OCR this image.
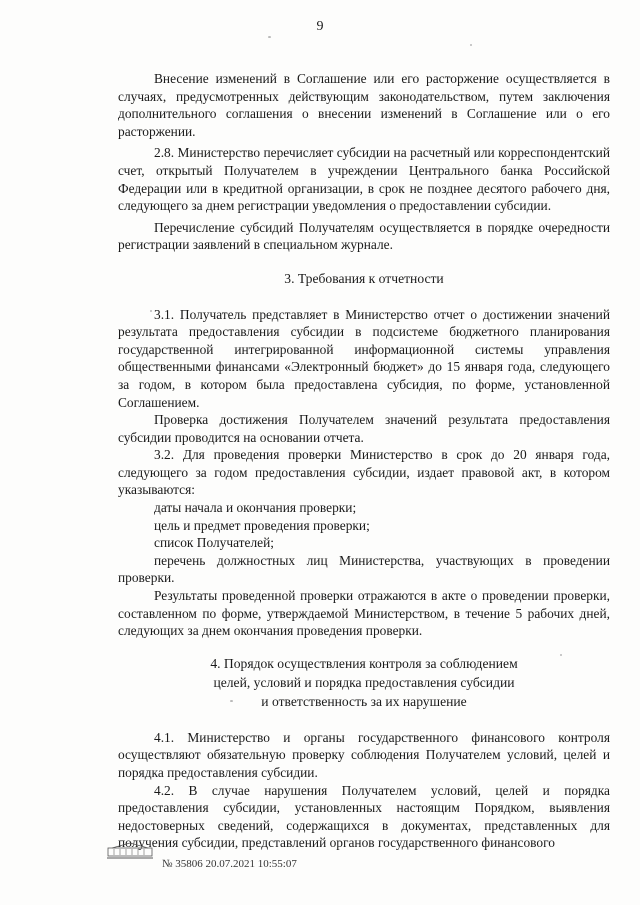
9

Внесение изменений в Соглашение или его расторжение осуществляется в случаях, предусмотренных действующим законодательством, путем заключения дополнительного соглашения о внесении изменений в Соглашение или о его расторжении.

2.8. Министерство перечисляет субсидии на расчетный или корреспондентский счет, открытый Получателем в учреждении Центрального банка Российской Федерации или в кредитной организации, в срок не позднее десятого рабочего дня, следующего за днем регистрации уведомления о предоставлении субсидии.

Перечисление субсидий Получателям осуществляется в порядке очередности регистрации заявлений в специальном журнале.

3. Требования к отчетности

3.1. Получатель представляет в Министерство отчет о достижении значений результата предоставления субсидии в подсистеме бюджетного планирования государственной интегрированной информационной системы управления общественными финансами «Электронный бюджет» до 15 января года, следующего за годом, в котором была предоставлена субсидия, по форме, установленной Соглашением.

Проверка достижения Получателем значений результата предоставления субсидии проводится на основании отчета.

3.2. Для проведения проверки Министерство в срок до 20 января года, следующего за годом предоставления субсидии, издает правовой акт, в котором указываются:

даты начала и окончания проверки;

цель и предмет проведения проверки;

список Получателей;

перечень должностных лиц Министерства, участвующих в проведении проверки.

Результаты проведенной проверки отражаются в акте о проведении проверки, составленном по форме, утверждаемой Министерством, в течение 5 рабочих дней, следующих за днем окончания проведения проверки.

4. Порядок осуществления контроля за соблюдением
целей, условий и порядка предоставления субсидии
и ответственность за их нарушение

4.1. Министерство и органы государственного финансового контроля осуществляют обязательную проверку соблюдения Получателем условий, целей и порядка предоставления субсидии.

4.2. В случае нарушения Получателем условий, целей и порядка предоставления субсидии, установленных настоящим Порядком, выявления недостоверных сведений, содержащихся в документах, представленных для получения субсидии, представлений органов государственного финансового

№ 35806 20.07.2021 10:55:07
